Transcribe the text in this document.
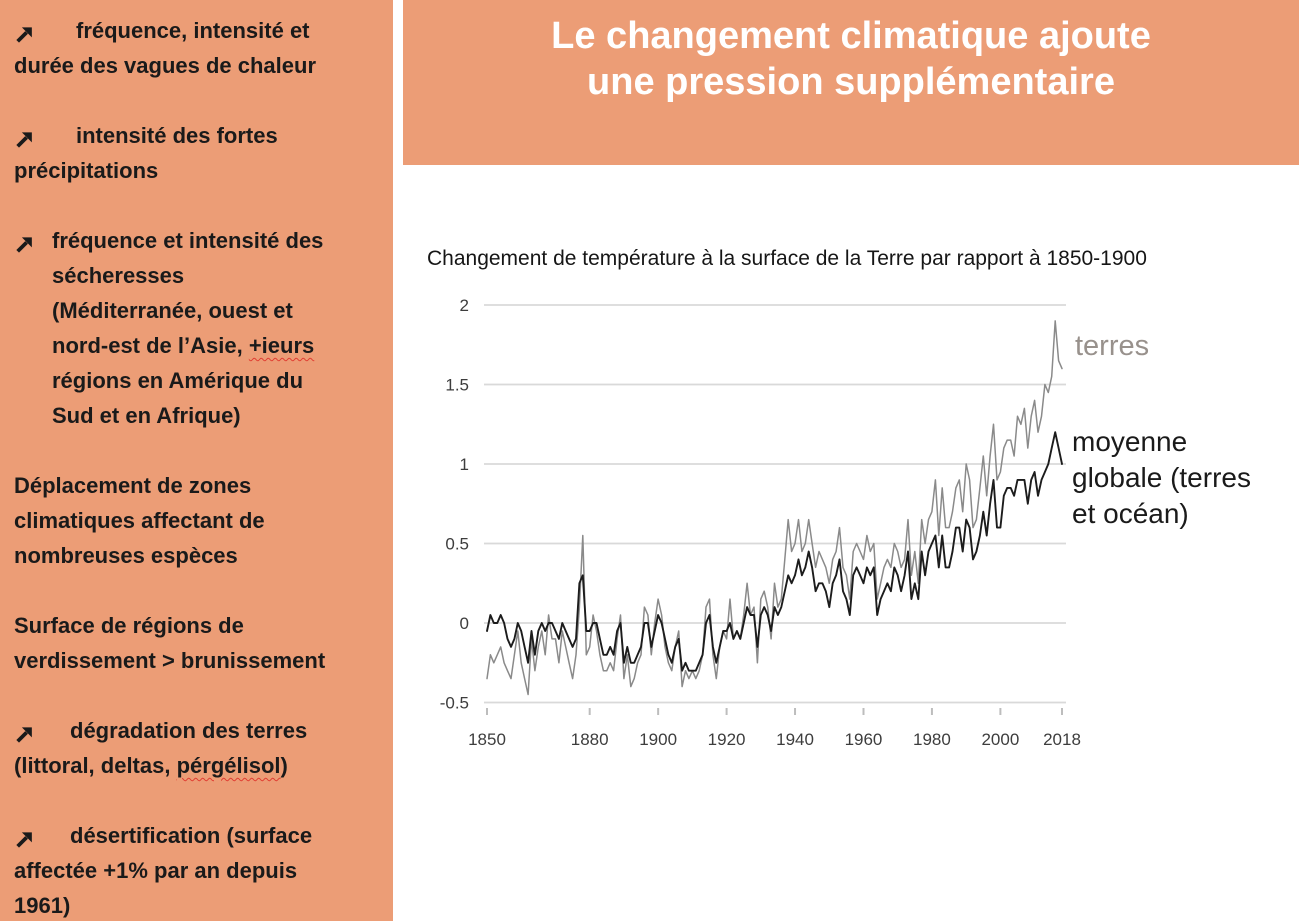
fréquence, intensité et
durée des vagues de chaleur
intensité des fortes
précipitations
fréquence et intensité des
sécheresses
(Méditerranée, ouest et
nord-est de l’Asie, +ieurs
régions en Amérique du
Sud et en Afrique)
Déplacement de zones
climatiques affectant de
nombreuses espèces
Surface de régions de
verdissement > brunissement
dégradation des terres
(littoral, deltas, pérgélisol)
désertification (surface
affectée +1% par an depuis
1961)
Le changement climatique ajoute
une pression supplémentaire
Changement de température à la surface de la Terre par rapport à 1850-1900
2
1.5
1
0.5
0
-0.5
1850	1880 1900 1920 1940 1960 1980 2000 2018
terres
moyenne
globale (terres
et océan)
